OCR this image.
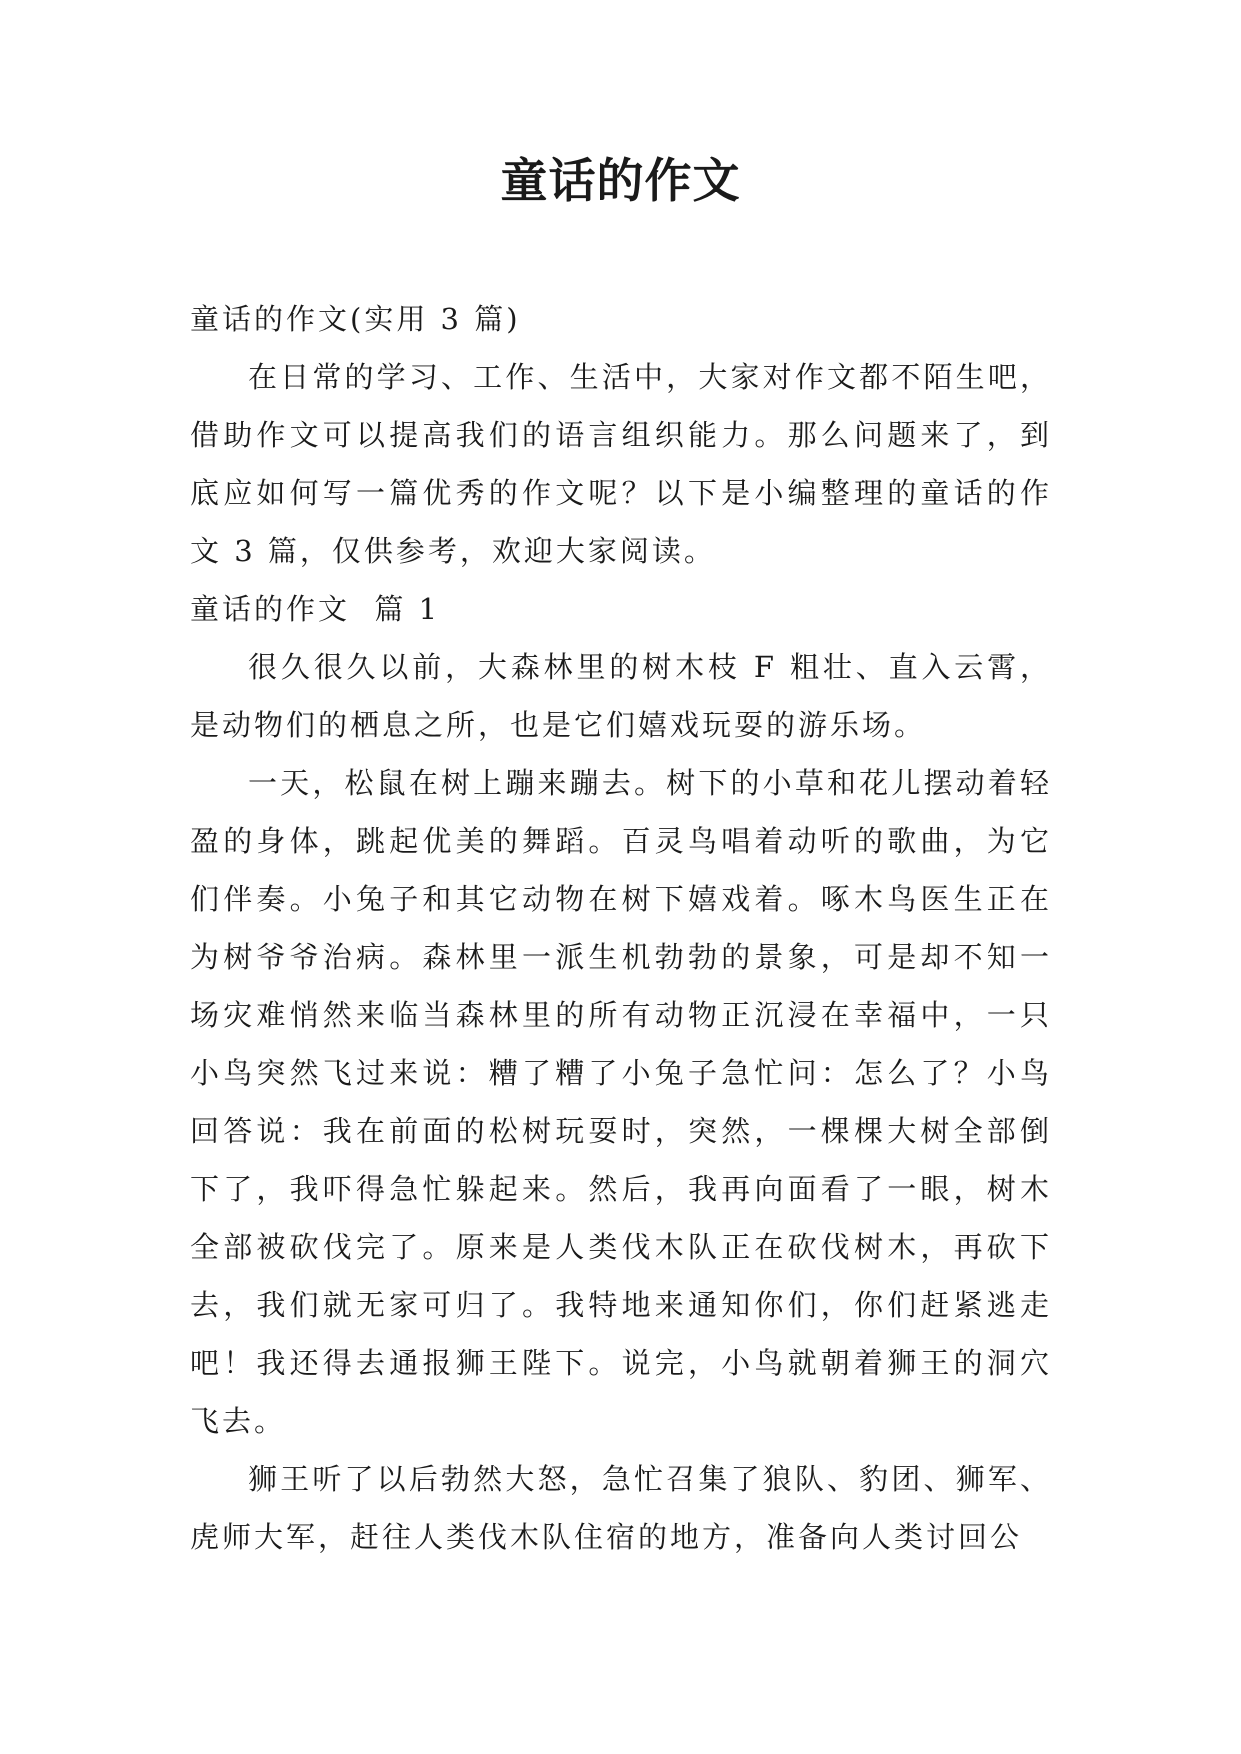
童话的作文

童话的作文(实用 3 篇)

在日常的学习、工作、生活中，大家对作文都不陌生吧，借助作文可以提高我们的语言组织能力。那么问题来了，到底应如何写一篇优秀的作文呢？以下是小编整理的童话的作文 3 篇，仅供参考，欢迎大家阅读。

童话的作文  篇 1

很久很久以前，大森林里的树木枝 F 粗壮、直入云霄，是动物们的栖息之所，也是它们嬉戏玩耍的游乐场。

一天，松鼠在树上蹦来蹦去。树下的小草和花儿摆动着轻盈的身体，跳起优美的舞蹈。百灵鸟唱着动听的歌曲，为它们伴奏。小兔子和其它动物在树下嬉戏着。啄木鸟医生正在为树爷爷治病。森林里一派生机勃勃的景象，可是却不知一场灾难悄然来临当森林里的所有动物正沉浸在幸福中，一只小鸟突然飞过来说：糟了糟了小兔子急忙问：怎么了？小鸟回答说：我在前面的松树玩耍时，突然，一棵棵大树全部倒下了，我吓得急忙躲起来。然后，我再向面看了一眼，树木全部被砍伐完了。原来是人类伐木队正在砍伐树木，再砍下去，我们就无家可归了。我特地来通知你们，你们赶紧逃走吧！我还得去通报狮王陛下。说完，小鸟就朝着狮王的洞穴飞去。

狮王听了以后勃然大怒，急忙召集了狼队、豹团、狮军、虎师大军，赶往人类伐木队住宿的地方，准备向人类讨回公
